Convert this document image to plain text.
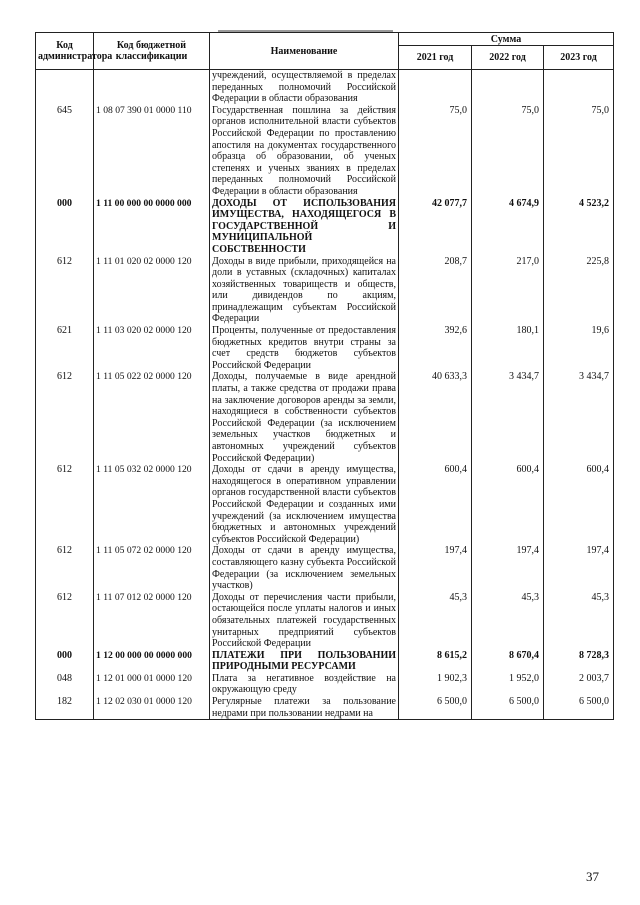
Код администратора	Код бюджетной классификации	Наименование	Сумма		
			2021 год	2022 год	2023 год
		учреждений, осуществляемой в пределах переданных полномочий Российской Федерации в области образования			
645	1 08 07 390 01 0000 110	Государственная пошлина за действия органов исполнительной власти субъектов Российской Федерации по проставлению апостиля на документах государственного образца об образовании, об ученых степенях и ученых званиях в пределах переданных полномочий Российской Федерации в области образования	75,0	75,0	75,0
000	1 11 00 000 00 0000 000	ДОХОДЫ ОТ ИСПОЛЬЗОВАНИЯ ИМУЩЕСТВА, НАХОДЯЩЕГОСЯ В ГОСУДАРСТВЕННОЙ И МУНИЦИПАЛЬНОЙ СОБСТВЕННОСТИ	42 077,7	4 674,9	4 523,2
612	1 11 01 020 02 0000 120	Доходы в виде прибыли, приходящейся на доли в уставных (складочных) капиталах хозяйственных товариществ и обществ, или дивидендов по акциям, принадлежащим субъектам Российской Федерации	208,7	217,0	225,8
621	1 11 03 020 02 0000 120	Проценты, полученные от предоставления бюджетных кредитов внутри страны за счет средств бюджетов субъектов Российской Федерации	392,6	180,1	19,6
612	1 11 05 022 02 0000 120	Доходы, получаемые в виде арендной платы, а также средства от продажи права на заключение договоров аренды за земли, находящиеся в собственности субъектов Российской Федерации (за исключением земельных участков бюджетных и автономных учреждений субъектов Российской Федерации)	40 633,3	3 434,7	3 434,7
612	1 11 05 032 02 0000 120	Доходы от сдачи в аренду имущества, находящегося в оперативном управлении органов государственной власти субъектов Российской Федерации и созданных ими учреждений (за исключением имущества бюджетных и автономных учреждений субъектов Российской Федерации)	600,4	600,4	600,4
612	1 11 05 072 02 0000 120	Доходы от сдачи в аренду имущества, составляющего казну субъекта Российской Федерации (за исключением земельных участков)	197,4	197,4	197,4
612	1 11 07 012 02 0000 120	Доходы от перечисления части прибыли, остающейся после уплаты налогов и иных обязательных платежей государственных унитарных предприятий субъектов Российской Федерации	45,3	45,3	45,3
000	1 12 00 000 00 0000 000	ПЛАТЕЖИ ПРИ ПОЛЬЗОВАНИИ ПРИРОДНЫМИ РЕСУРСАМИ	8 615,2	8 670,4	8 728,3
048	1 12 01 000 01 0000 120	Плата за негативное воздействие на окружающую среду	1 902,3	1 952,0	2 003,7
182	1 12 02 030 01 0000 120	Регулярные платежи за пользование недрами при пользовании недрами на	6 500,0	6 500,0	6 500,0
37
